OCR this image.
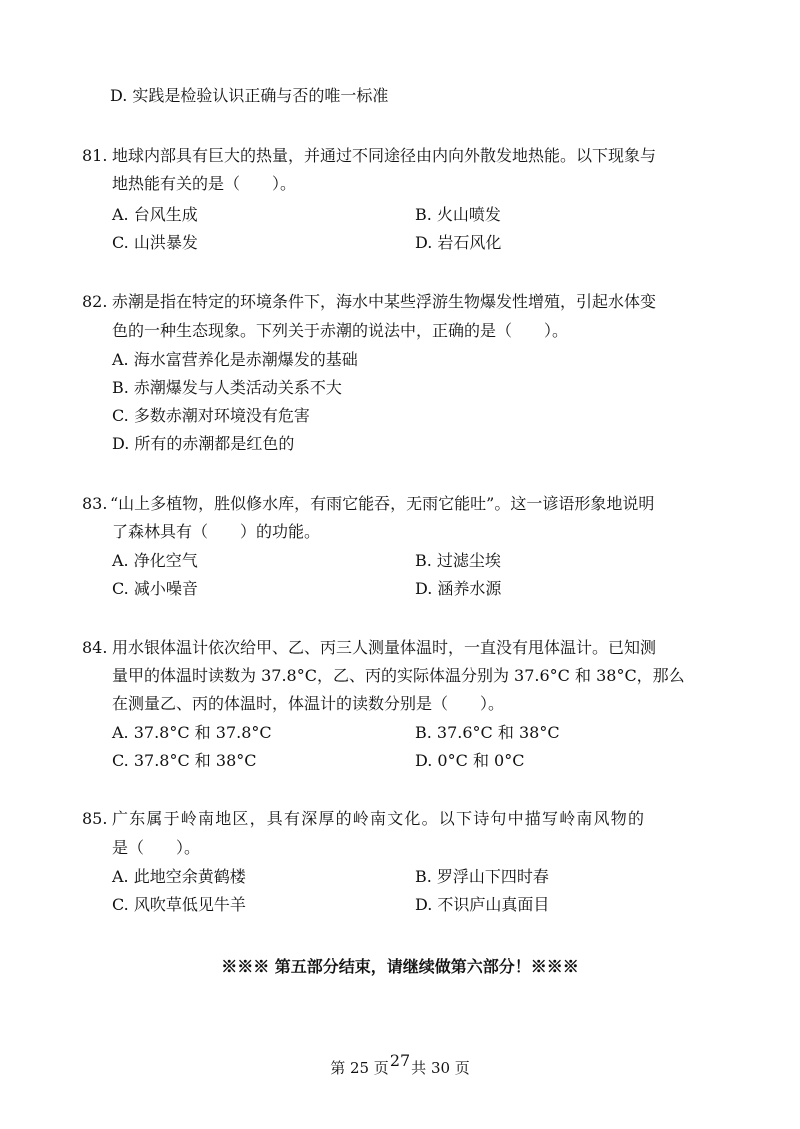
D. 实践是检验认识正确与否的唯一标准
81. 地球内部具有巨大的热量，并通过不同途径由内向外散发地热能。以下现象与
地热能有关的是（　　）。
A. 台风生成	B. 火山喷发
C. 山洪暴发	D. 岩石风化
82. 赤潮是指在特定的环境条件下，海水中某些浮游生物爆发性增殖，引起水体变
色的一种生态现象。下列关于赤潮的说法中，正确的是（　　）。
A. 海水富营养化是赤潮爆发的基础
B. 赤潮爆发与人类活动关系不大
C. 多数赤潮对环境没有危害
D. 所有的赤潮都是红色的
83. “山上多植物，胜似修水库，有雨它能吞，无雨它能吐”。这一谚语形象地说明
了森林具有（　　）的功能。
A. 净化空气	B. 过滤尘埃
C. 减小噪音	D. 涵养水源
84. 用水银体温计依次给甲、乙、丙三人测量体温时，一直没有甩体温计。已知测
量甲的体温时读数为 37.8°C，乙、丙的实际体温分别为 37.6°C 和 38°C，那么
在测量乙、丙的体温时，体温计的读数分别是（　　）。
A. 37.8°C 和 37.8°C	B. 37.6°C 和 38°C
C. 37.8°C 和 38°C	D. 0°C 和 0°C
85. 广东属于岭南地区，具有深厚的岭南文化。以下诗句中描写岭南风物的
是（　　）。
A. 此地空余黄鹤楼	B. 罗浮山下四时春
C. 风吹草低见牛羊	D. 不识庐山真面目
※※※ 第五部分结束，请继续做第六部分！※※※
第 25 页27共 30 页
